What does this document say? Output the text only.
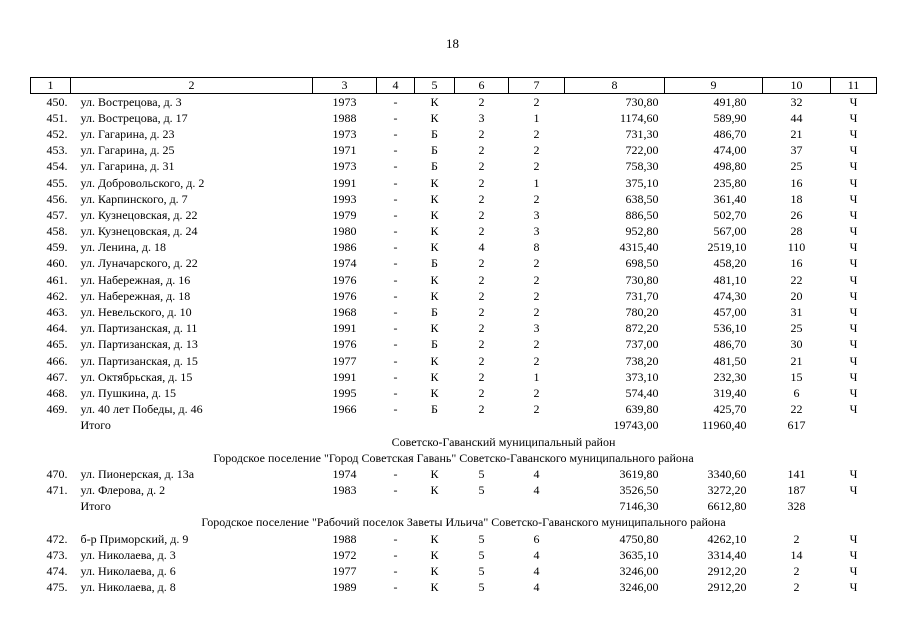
18
1	2	3	4	5	6	7	8	9	10	11
450.	ул. Вострецова, д. 3	1973	-	К	2	2	730,80	491,80	32	Ч
451.	ул. Вострецова, д. 17	1988	-	К	3	1	1174,60	589,90	44	Ч
452.	ул. Гагарина, д. 23	1973	-	Б	2	2	731,30	486,70	21	Ч
453.	ул. Гагарина, д. 25	1971	-	Б	2	2	722,00	474,00	37	Ч
454.	ул. Гагарина, д. 31	1973	-	Б	2	2	758,30	498,80	25	Ч
455.	ул. Добровольского, д. 2	1991	-	К	2	1	375,10	235,80	16	Ч
456.	ул. Карпинского, д. 7	1993	-	К	2	2	638,50	361,40	18	Ч
457.	ул. Кузнецовская, д. 22	1979	-	К	2	3	886,50	502,70	26	Ч
458.	ул. Кузнецовская, д. 24	1980	-	К	2	3	952,80	567,00	28	Ч
459.	ул. Ленина, д. 18	1986	-	К	4	8	4315,40	2519,10	110	Ч
460.	ул. Луначарского, д. 22	1974	-	Б	2	2	698,50	458,20	16	Ч
461.	ул. Набережная, д. 16	1976	-	К	2	2	730,80	481,10	22	Ч
462.	ул. Набережная, д. 18	1976	-	К	2	2	731,70	474,30	20	Ч
463.	ул. Невельского, д. 10	1968	-	Б	2	2	780,20	457,00	31	Ч
464.	ул. Партизанская, д. 11	1991	-	К	2	3	872,20	536,10	25	Ч
465.	ул. Партизанская, д. 13	1976	-	Б	2	2	737,00	486,70	30	Ч
466.	ул. Партизанская, д. 15	1977	-	К	2	2	738,20	481,50	21	Ч
467.	ул. Октябрьская, д. 15	1991	-	К	2	1	373,10	232,30	15	Ч
468.	ул. Пушкина, д. 15	1995	-	К	2	2	574,40	319,40	6	Ч
469.	ул. 40 лет Победы, д. 46	1966	-	Б	2	2	639,80	425,70	22	Ч
	Итого						19743,00	11960,40	617	
Советско-Гаванский муниципальный район										
Городское поселение "Город Советская Гавань" Советско-Гаванского муниципального района										
470.	ул. Пионерская, д. 13а	1974	-	К	5	4	3619,80	3340,60	141	Ч
471.	ул. Флерова, д. 2	1983	-	К	5	4	3526,50	3272,20	187	Ч
	Итого						7146,30	6612,80	328	
Городское поселение "Рабочий поселок Заветы Ильича" Советско-Гаванского муниципального района										
472.	б-р Приморский, д. 9	1988	-	К	5	6	4750,80	4262,10	2	Ч
473.	ул. Николаева, д. 3	1972	-	К	5	4	3635,10	3314,40	14	Ч
474.	ул. Николаева, д. 6	1977	-	К	5	4	3246,00	2912,20	2	Ч
475.	ул. Николаева, д. 8	1989	-	К	5	4	3246,00	2912,20	2	Ч
